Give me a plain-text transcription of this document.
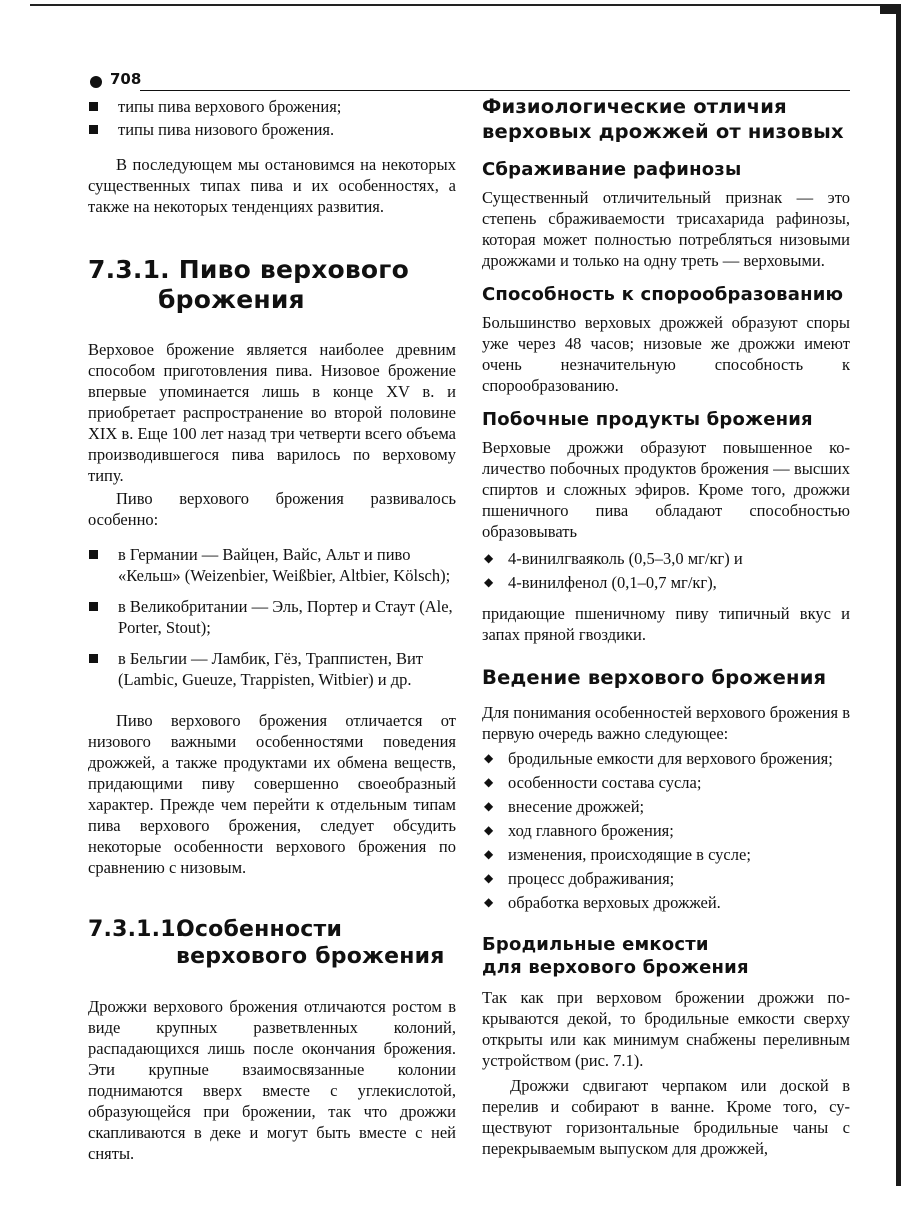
708
типы пива верхового брожения;
типы пива низового брожения.

В последующем мы остановимся на некоторых существенных типах пива и их особенностях, а также на некоторых тенденциях развития.

7.3.1. Пиво верхового
брожения

Верховое брожение является наиболее древним способом приготовления пива. Низовое брожение впервые упоминается лишь в конце XV в. и приобретает распространение во второй половине XIX в. Еще 100 лет назад три четверти всего объема производившегося пива варилось по верховому типу.

Пиво верхового брожения развивалось особенно:

в Германии — Вайцен, Вайс, Альт и пиво «Кельш» (Weizenbier, Weißbier, Altbier, Kölsch);
в Великобритании — Эль, Портер и Стаут (Ale, Porter, Stout);
в Бельгии — Ламбик, Гёз, Траппистен, Вит (Lambic, Gueuze, Trappisten, Witbier) и др.

Пиво верхового брожения отличается от низового важными особенностями поведения дрожжей, а также продуктами их обмена веществ, придающими пиву совершенно своеобразный характер. Прежде чем перейти к отдельным типам пива верхового брожения, следует обсудить некоторые особенности верхового брожения по сравнению с низовым.

7.3.1.1.Особенности
верхового брожения

Дрожжи верхового брожения отличаются ростом в виде крупных разветвленных колоний, распадающихся лишь после окончания брожения. Эти крупные взаимосвязанные колонии поднимаются вверх вместе с углекислотой, образующейся при брожении, так что дрожжи скапливаются в деке и могут быть вместе с ней сняты.

Физиологические отличия
верховых дрожжей от низовых
Сбраживание рафинозы

Существенный отличительный признак — это степень сбраживаемости трисахарида рафинозы, которая может полностью потребляться низовыми дрожжами и только на одну треть — верховыми.

Способность к спорообразованию

Большинство верховых дрожжей образуют споры уже через 48 часов; низовые же дрожжи имеют очень незначительную способность к спорообразованию.

Побочные продукты брожения

Верховые дрожжи образуют повышенное количество побочных продуктов брожения — высших спиртов и сложных эфиров. Кроме того, дрожжи пшеничного пива обладают способностью образовывать

◆ 4-винилгваяколь (0,5–3,0 мг/кг) и
◆ 4-винилфенол (0,1–0,7 мг/кг),

придающие пшеничному пиву типичный вкус и запах пряной гвоздики.

Ведение верхового брожения

Для понимания особенностей верхового брожения в первую очередь важно следующее:

◆ бродильные емкости для верхового брожения;
◆ особенности состава сусла;
◆ внесение дрожжей;
◆ ход главного брожения;
◆ изменения, происходящие в сусле;
◆ процесс дображивания;
◆ обработка верховых дрожжей.
Бродильные емкости
для верхового брожения

Так как при верховом брожении дрожжи покрываются декой, то бродильные емкости сверху открыты или как минимум снабжены переливным устройством (рис. 7.1).

Дрожжи сдвигают черпаком или доской в перелив и собирают в ванне. Кроме того, существуют горизонтальные бродильные чаны с перекрываемым выпуском для дрожжей,
